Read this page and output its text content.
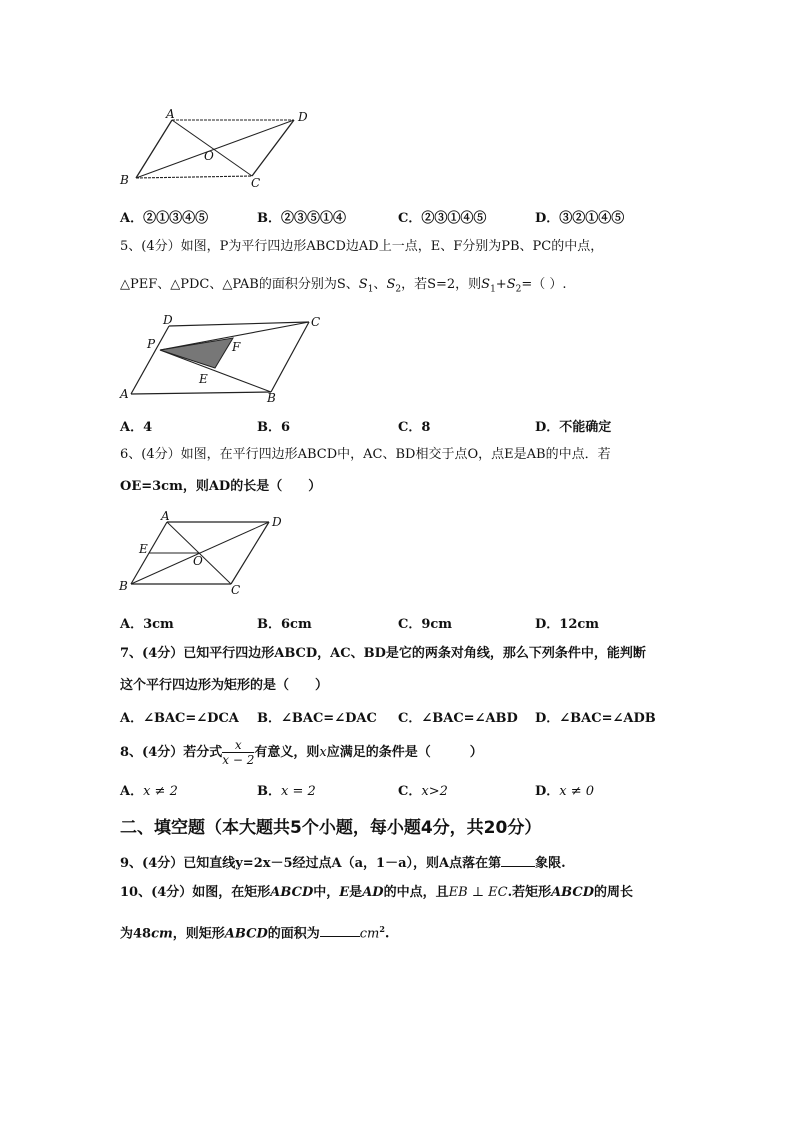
A	D
O
B	C
A．②①③④⑤	B．②③⑤①④	C．②③①④⑤	D．③②①④⑤
5、(4分）如图，P为平行四边形ABCD边AD上一点，E、F分别为PB、PC的中点，
△PEF、△PDC、△PAB的面积分别为S、$S_1$、$S_2$，若S=2，则$S_1+S_2=$（ ）.
D	C
P	F
E
A	B
A．4	B．6	C．8	D．不能确定
6、(4分）如图，在平行四边形ABCD中，AC、BD相交于点O，点E是AB的中点．若
OE=3cm，则AD的长是（　　）
A	D
E
O
B	C
A．3cm	B．6cm	C．9cm	D．12cm
7、(4分）已知平行四边形ABCD，AC、BD是它的两条对角线，那么下列条件中，能判断
这个平行四边形为矩形的是（　　）
A．∠BAC=∠DCA B．∠BAC=∠DAC C．∠BAC=∠ABD D．∠BAC=∠ADB
8、(4分）若分式 $\frac{x}{x - 2}$ 有意义，则x应满足的条件是（　　　）
A．x ≠ 2	B．x = 2	C．x>2	D．x ≠ 0
二、填空题（本大题共5个小题，每小题4分，共20分）
9、(4分）已知直线y=2x－5经过点A（a，1－a），则A点落在第	象限.
10、(4分）如图，在矩形ABCD中，E是AD的中点，且EB ⊥ EC.若矩形ABCD的周长
为48cm，则矩形ABCD的面积为	$cm^2$.
